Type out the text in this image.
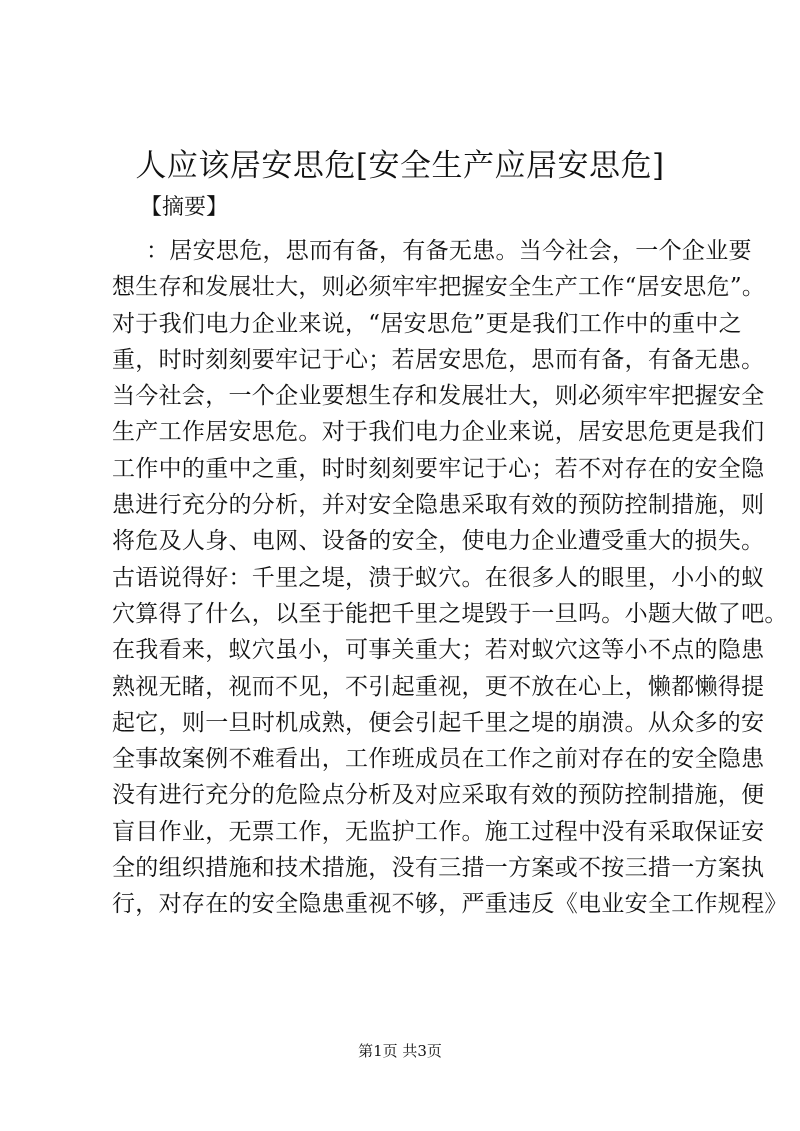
人应该居安思危[安全生产应居安思危]
【摘要】
：居安思危，思而有备，有备无患。当今社会，一个企业要
想生存和发展壮大，则必须牢牢把握安全生产工作“居安思危”。
对于我们电力企业来说，“居安思危”更是我们工作中的重中之
重，时时刻刻要牢记于心；若居安思危，思而有备，有备无患。
当今社会，一个企业要想生存和发展壮大，则必须牢牢把握安全
生产工作居安思危。对于我们电力企业来说，居安思危更是我们
工作中的重中之重，时时刻刻要牢记于心；若不对存在的安全隐
患进行充分的分析，并对安全隐患采取有效的预防控制措施，则
将危及人身、电网、设备的安全，使电力企业遭受重大的损失。
古语说得好：千里之堤，溃于蚁穴。在很多人的眼里，小小的蚁
穴算得了什么，以至于能把千里之堤毁于一旦吗。小题大做了吧。
在我看来，蚁穴虽小，可事关重大；若对蚁穴这等小不点的隐患
熟视无睹，视而不见，不引起重视，更不放在心上，懒都懒得提
起它，则一旦时机成熟，便会引起千里之堤的崩溃。从众多的安
全事故案例不难看出，工作班成员在工作之前对存在的安全隐患
没有进行充分的危险点分析及对应采取有效的预防控制措施，便
盲目作业，无票工作，无监护工作。施工过程中没有采取保证安
全的组织措施和技术措施，没有三措一方案或不按三措一方案执
行，对存在的安全隐患重视不够，严重违反《电业安全工作规程》
第1页 共3页
